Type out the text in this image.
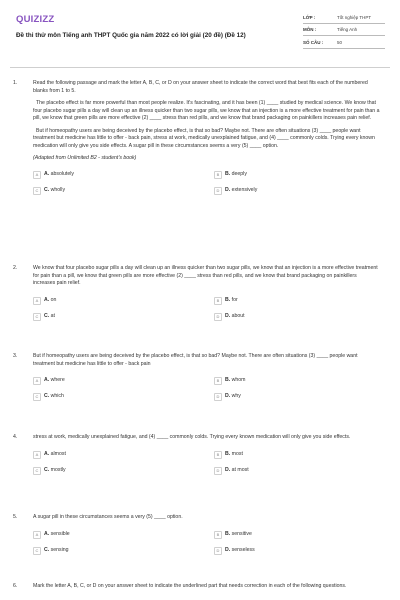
QUIZIZZ
Đề thi thử môn Tiếng anh THPT Quốc gia năm 2022 có lời giải (20 đề) (Đề 12)
LỚP :	Tốt nghiệp THPT
MÔN :	Tiếng Anh
SỐ CÂU :	50
1.	Read the following passage and mark the letter A, B, C, or D on your answer sheet to indicate the correct word that best fits each of the numbered blanks from 1 to 5.
The placebo effect is far more powerful than most people realize. It's fascinating, and it has been (1) ____ studied by medical science. We know that four placebo sugar pills a day will clean up an illness quicker than two sugar pills, we know that an injection is a more effective treatment for pain than a pill, we know that green pills are more effective (2) ____ stress than red pills, and we know that brand packaging on painkillers increases pain relief.
But if homeopathy users are being deceived by the placebo effect, is that so bad? Maybe not. There are often situations (3) ____ people want treatment but medicine has little to offer - back pain, stress at work, medically unexplained fatigue, and (4) ____ commonly colds. Trying every known medication will only give you side effects. A sugar pill in these circumstances seems a very (5) ____ option.
(Adapted from Unlimited B2 - student's book)
A	A. absolutely	B	B. deeply
C	C. wholly	D	D. extensively
2.	We know that four placebo sugar pills a day will clean up an illness quicker than two sugar pills, we know that an injection is a more effective treatment for pain than a pill, we know that green pills are more effective (2) ____ stress than red pills, and we know that brand packaging on painkillers increases pain relief.
A	A. on	B	B. for
C	C. at	D	D. about
3.	But if homeopathy users are being deceived by the placebo effect, is that so bad? Maybe not. There are often situations (3) ____ people want treatment but medicine has little to offer - back pain
A	A. where	B	B. whom
C	C. which	D	D. why
4.	stress at work, medically unexplained fatigue, and (4) ____ commonly colds. Trying every known medication will only give you side effects.
A	A. almost	B	B. most
C	C. mostly	D	D. at most
5.	A sugar pill in these circumstances seems a very (5) ____ option.
A	A. sensible	B	B. sensitive
C	C. sensing	D	D. senseless
6.	Mark the letter A, B, C, or D on your answer sheet to indicate the underlined part that needs correction in each of the following questions.
